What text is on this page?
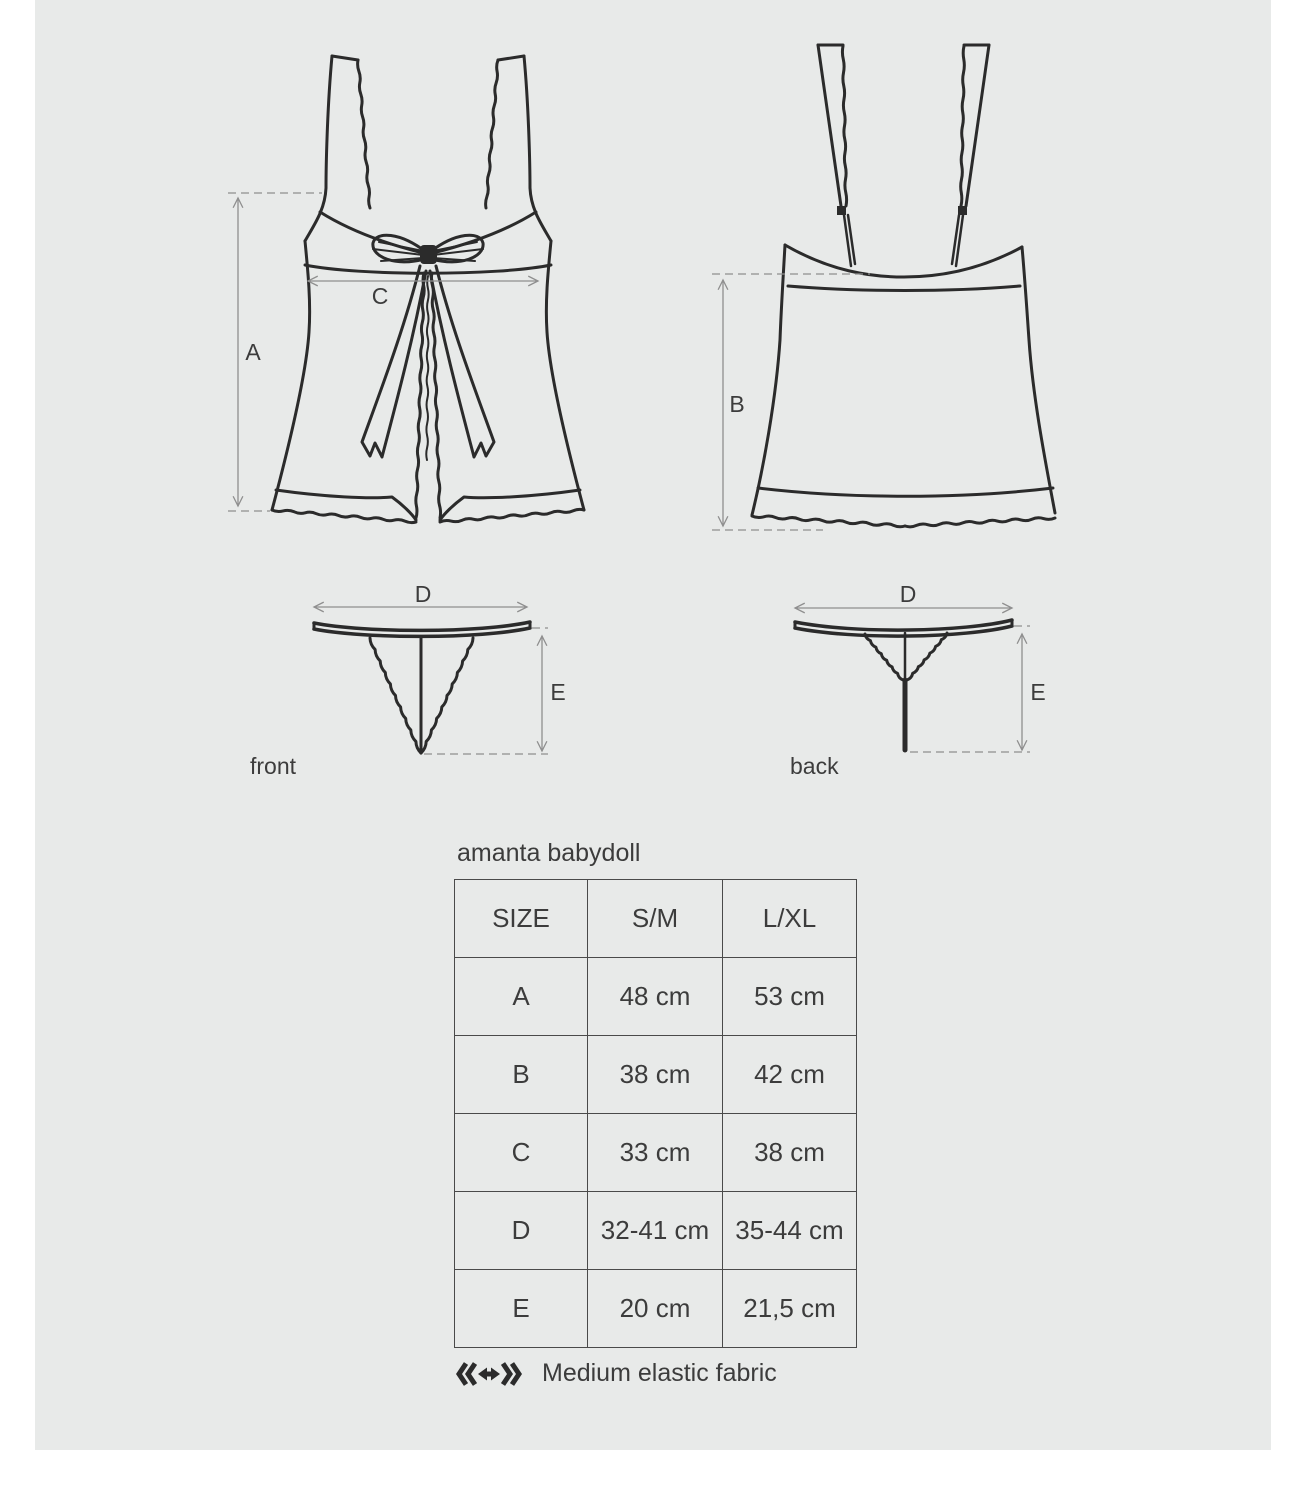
A
C
B
D
E
front
D
E
back
amanta babydoll
SIZE	S/M	L/XL
A	48 cm	53 cm
B	38 cm	42 cm
C	33 cm	38 cm
D	32-41 cm	35-44 cm
E	20 cm	21,5 cm
Medium elastic fabric
